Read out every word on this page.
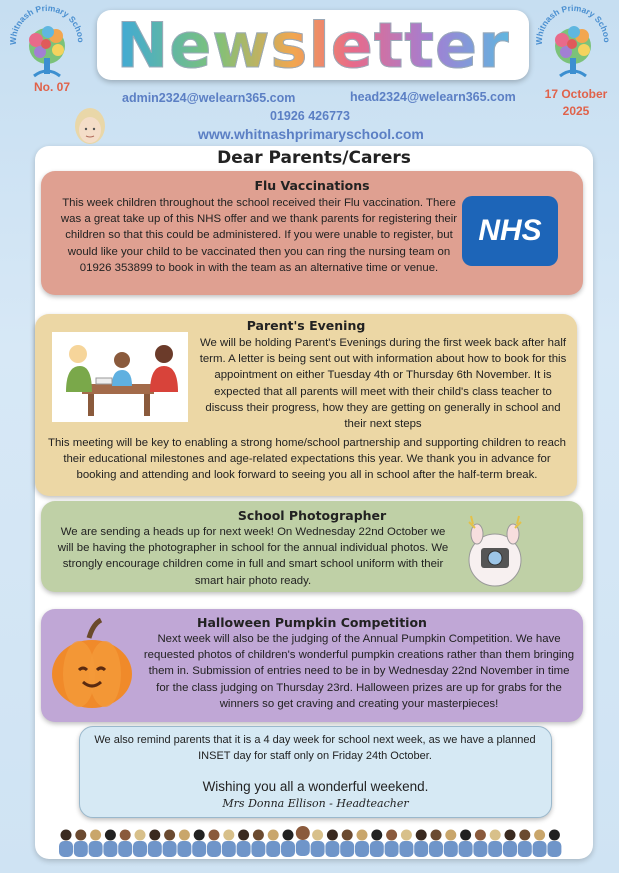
Whitnash Primary Schoo	Whitnash Primary Schoo
Newsletter
No. 07	17 October
2025
admin2324@welearn365.com	head2324@welearn365.com
01926 426773
www.whitnashprimaryschool.com
Dear Parents/Carers
Flu Vaccinations
This week children throughout the school received their Flu vaccination. There was a great take up of this NHS offer and we thank parents for registering their children so that this could be administered. If you were unable to register, but would like your child to be vaccinated then you can ring the nursing team on 01926 353899 to book in with the team as an alternative time or venue.
NHS
Parent's Evening
We will be holding Parent's Evenings during the first week back after half term. A letter is being sent out with information about how to book for this appointment on either Tuesday 4th or Thursday 6th November. It is expected that all parents will meet with their child's class teacher to discuss their progress, how they are getting on generally in school and their next steps
This meeting will be key to enabling a strong home/school partnership and supporting children to reach their educational milestones and age-related expectations this year. We thank you in advance for booking and attending and look forward to seeing you all in school after the half-term break.
School Photographer
We are sending a heads up for next week! On Wednesday 22nd October we will be having the photographer in school for the annual individual photos. We strongly encourage children come in full and smart school uniform with their smart hair photo ready.
Halloween Pumpkin Competition
Next week will also be the judging of the Annual Pumpkin Competition. We have requested photos of children's wonderful pumpkin creations rather than them bringing them in. Submission of entries need to be in by Wednesday 22nd November in time for the class judging on Thursday 23rd. Halloween prizes are up for grabs for the winners so get craving and creating your masterpieces!
We also remind parents that it is a 4 day week for school next week, as we have a planned INSET day for staff only on Friday 24th October.
Wishing you all a wonderful weekend.
Mrs Donna Ellison - Headteacher
